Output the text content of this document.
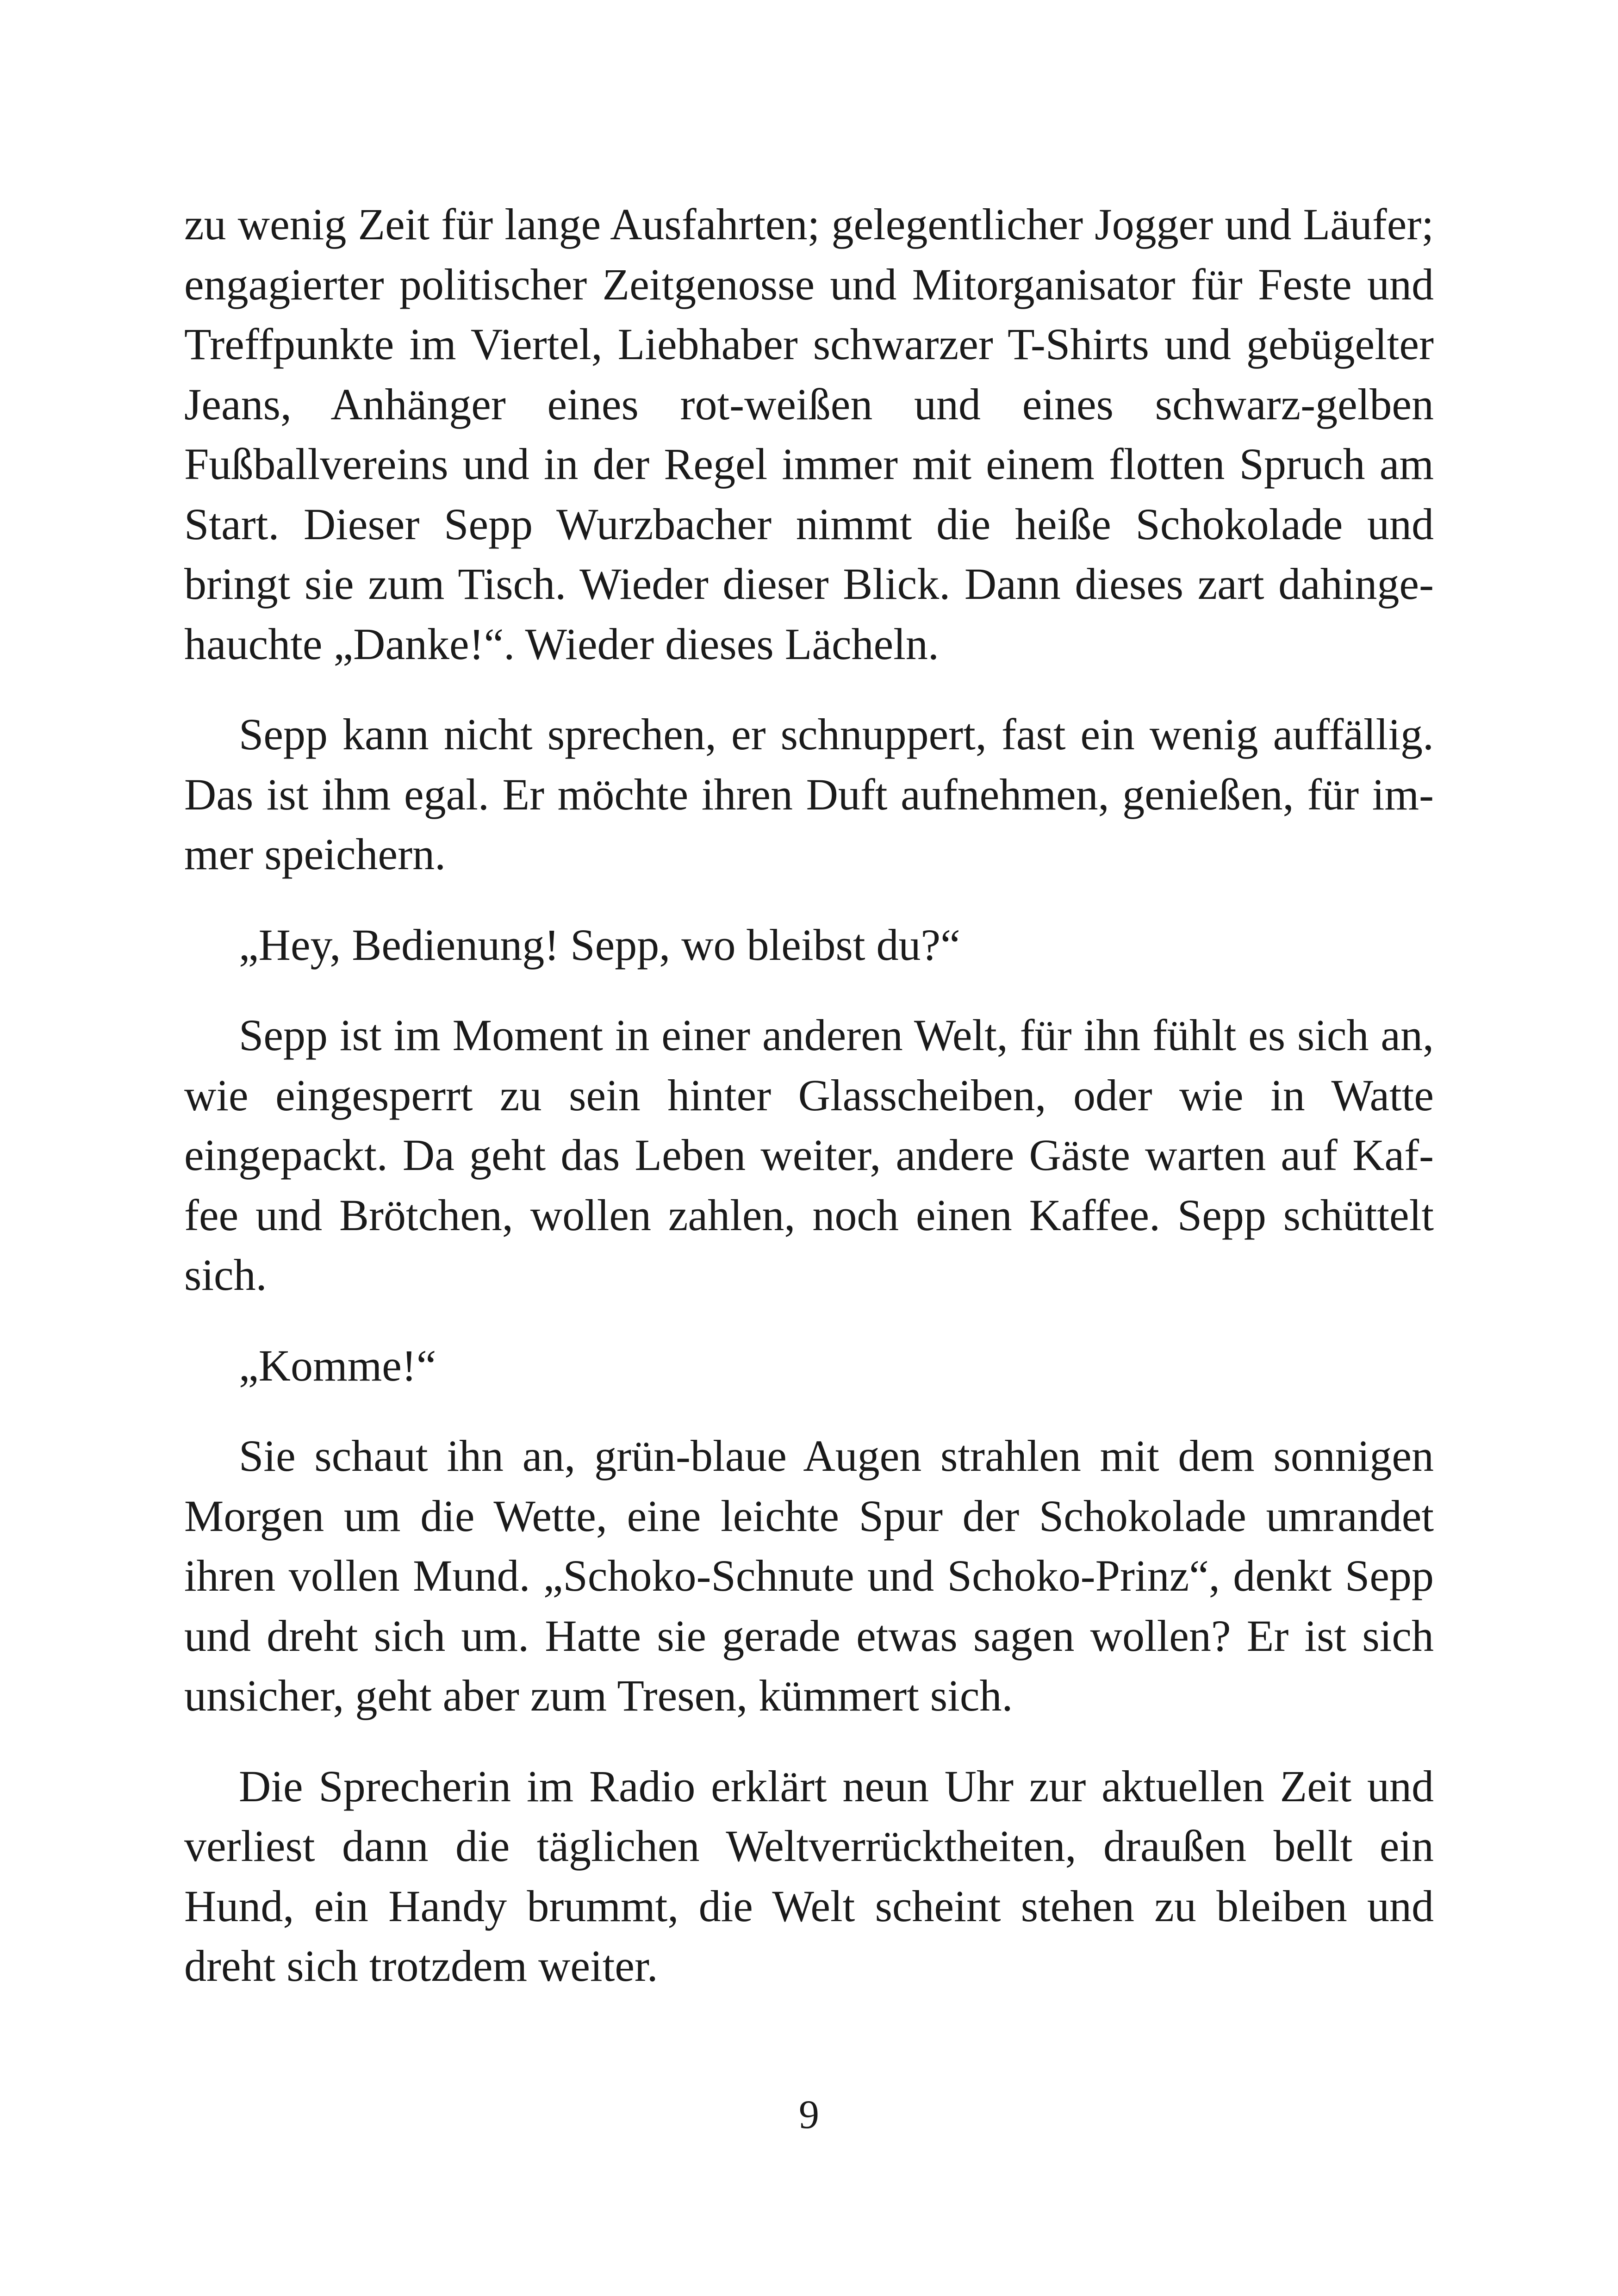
zu wenig Zeit für lange Ausfahrten; gelegentlicher Jogger und Läufer; engagierter politischer Zeitgenosse und Mitorganisator für Feste und Treffpunkte im Viertel, Liebhaber schwarzer T-Shirts und gebügelter Jeans, Anhänger eines rot-weißen und eines schwarz-gelben Fußballvereins und in der Regel immer mit einem flotten Spruch am Start. Dieser Sepp Wurzbacher nimmt die heiße Schokolade und bringt sie zum Tisch. Wieder dieser Blick. Dann dieses zart dahingehauchte „Danke!“. Wieder dieses Lächeln.

Sepp kann nicht sprechen, er schnuppert, fast ein wenig auffällig. Das ist ihm egal. Er möchte ihren Duft aufnehmen, genießen, für immer speichern.

„Hey, Bedienung! Sepp, wo bleibst du?“

Sepp ist im Moment in einer anderen Welt, für ihn fühlt es sich an, wie eingesperrt zu sein hinter Glasscheiben, oder wie in Watte eingepackt. Da geht das Leben weiter, andere Gäste warten auf Kaffee und Brötchen, wollen zahlen, noch einen Kaffee. Sepp schüttelt sich.

„Komme!“

Sie schaut ihn an, grün-blaue Augen strahlen mit dem sonnigen Morgen um die Wette, eine leichte Spur der Schokolade umrandet ihren vollen Mund. „Schoko-Schnute und Schoko-Prinz“, denkt Sepp und dreht sich um. Hatte sie gerade etwas sagen wollen? Er ist sich unsicher, geht aber zum Tresen, kümmert sich.

Die Sprecherin im Radio erklärt neun Uhr zur aktuellen Zeit und verliest dann die täglichen Weltverrücktheiten, draußen bellt ein Hund, ein Handy brummt, die Welt scheint stehen zu bleiben und dreht sich trotzdem weiter.

9
